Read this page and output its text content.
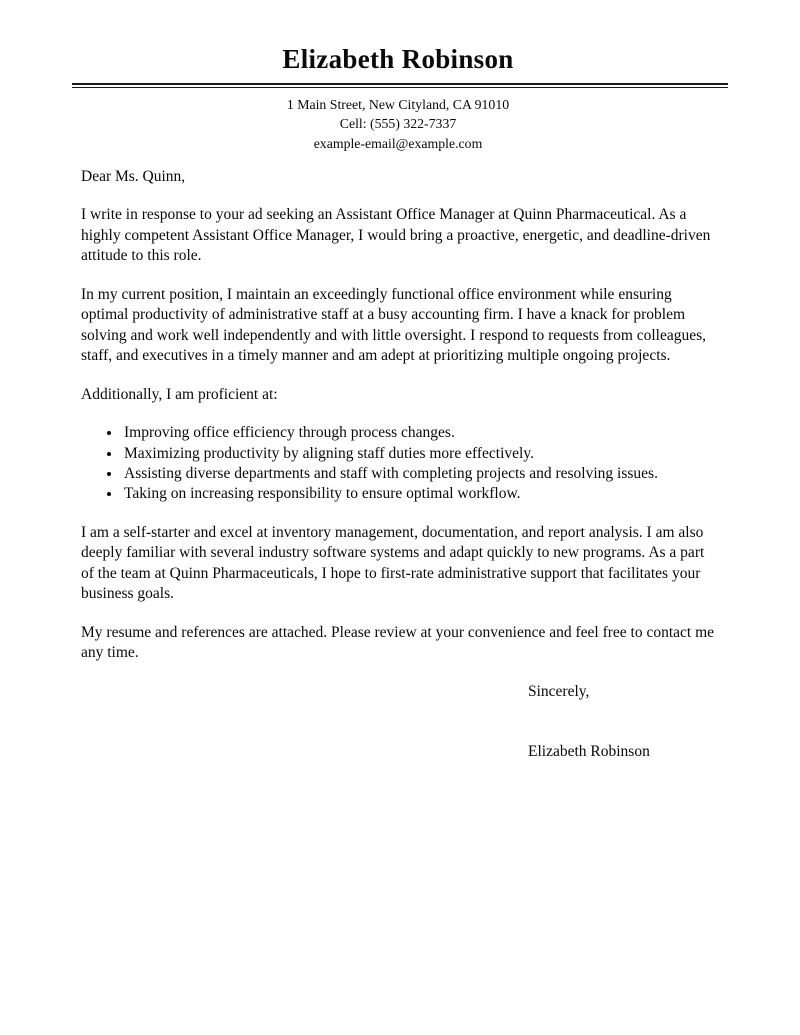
Elizabeth Robinson
1 Main Street, New Cityland, CA 91010
Cell: (555) 322-7337
example-email@example.com

Dear Ms. Quinn,

I write in response to your ad seeking an Assistant Office Manager at Quinn Pharmaceutical. As a highly competent Assistant Office Manager, I would bring a proactive, energetic, and deadline-driven attitude to this role.

In my current position, I maintain an exceedingly functional office environment while ensuring optimal productivity of administrative staff at a busy accounting firm. I have a knack for problem solving and work well independently and with little oversight. I respond to requests from colleagues, staff, and executives in a timely manner and am adept at prioritizing multiple ongoing projects.

Additionally, I am proficient at:

• Improving office efficiency through process changes.
• Maximizing productivity by aligning staff duties more effectively.
• Assisting diverse departments and staff with completing projects and resolving issues.
• Taking on increasing responsibility to ensure optimal workflow.

I am a self-starter and excel at inventory management, documentation, and report analysis. I am also deeply familiar with several industry software systems and adapt quickly to new programs. As a part of the team at Quinn Pharmaceuticals, I hope to first-rate administrative support that facilitates your business goals.

My resume and references are attached. Please review at your convenience and feel free to contact me any time.

Sincerely,

Elizabeth Robinson
